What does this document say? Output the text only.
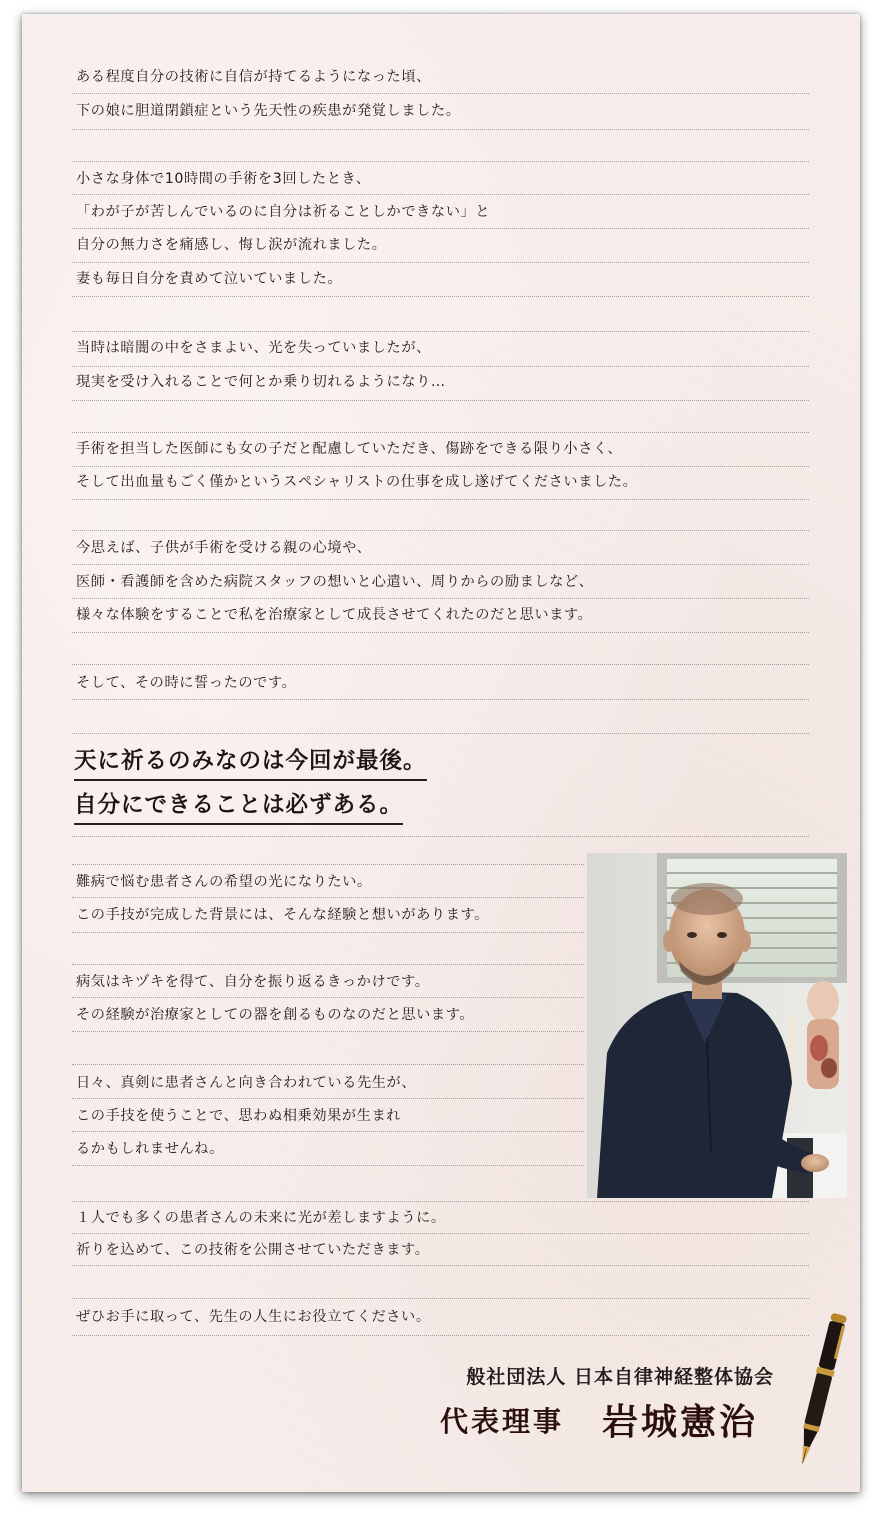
ある程度自分の技術に自信が持てるようになった頃、
下の娘に胆道閉鎖症という先天性の疾患が発覚しました。
小さな身体で10時間の手術を3回したとき、
「わが子が苦しんでいるのに自分は祈ることしかできない」と
自分の無力さを痛感し、悔し涙が流れました。
妻も毎日自分を責めて泣いていました。
当時は暗闇の中をさまよい、光を失っていましたが、
現実を受け入れることで何とか乗り切れるようになり…
手術を担当した医師にも女の子だと配慮していただき、傷跡をできる限り小さく、
そして出血量もごく僅かというスペシャリストの仕事を成し遂げてくださいました。
今思えば、子供が手術を受ける親の心境や、
医師・看護師を含めた病院スタッフの想いと心遣い、周りからの励ましなど、
様々な体験をすることで私を治療家として成長させてくれたのだと思います。
そして、その時に誓ったのです。
天に祈るのみなのは今回が最後。
自分にできることは必ずある。
難病で悩む患者さんの希望の光になりたい。
この手技が完成した背景には、そんな経験と想いがあります。
病気はキヅキを得て、自分を振り返るきっかけです。
その経験が治療家としての器を創るものなのだと思います。
日々、真剣に患者さんと向き合われている先生が、
この手技を使うことで、思わぬ相乗効果が生まれ
るかもしれませんね。
１人でも多くの患者さんの未来に光が差しますように。
祈りを込めて、この技術を公開させていただきます。
ぜひお手に取って、先生の人生にお役立てください。
般社団法人 日本自律神経整体協会
代表理事 岩城憲治
